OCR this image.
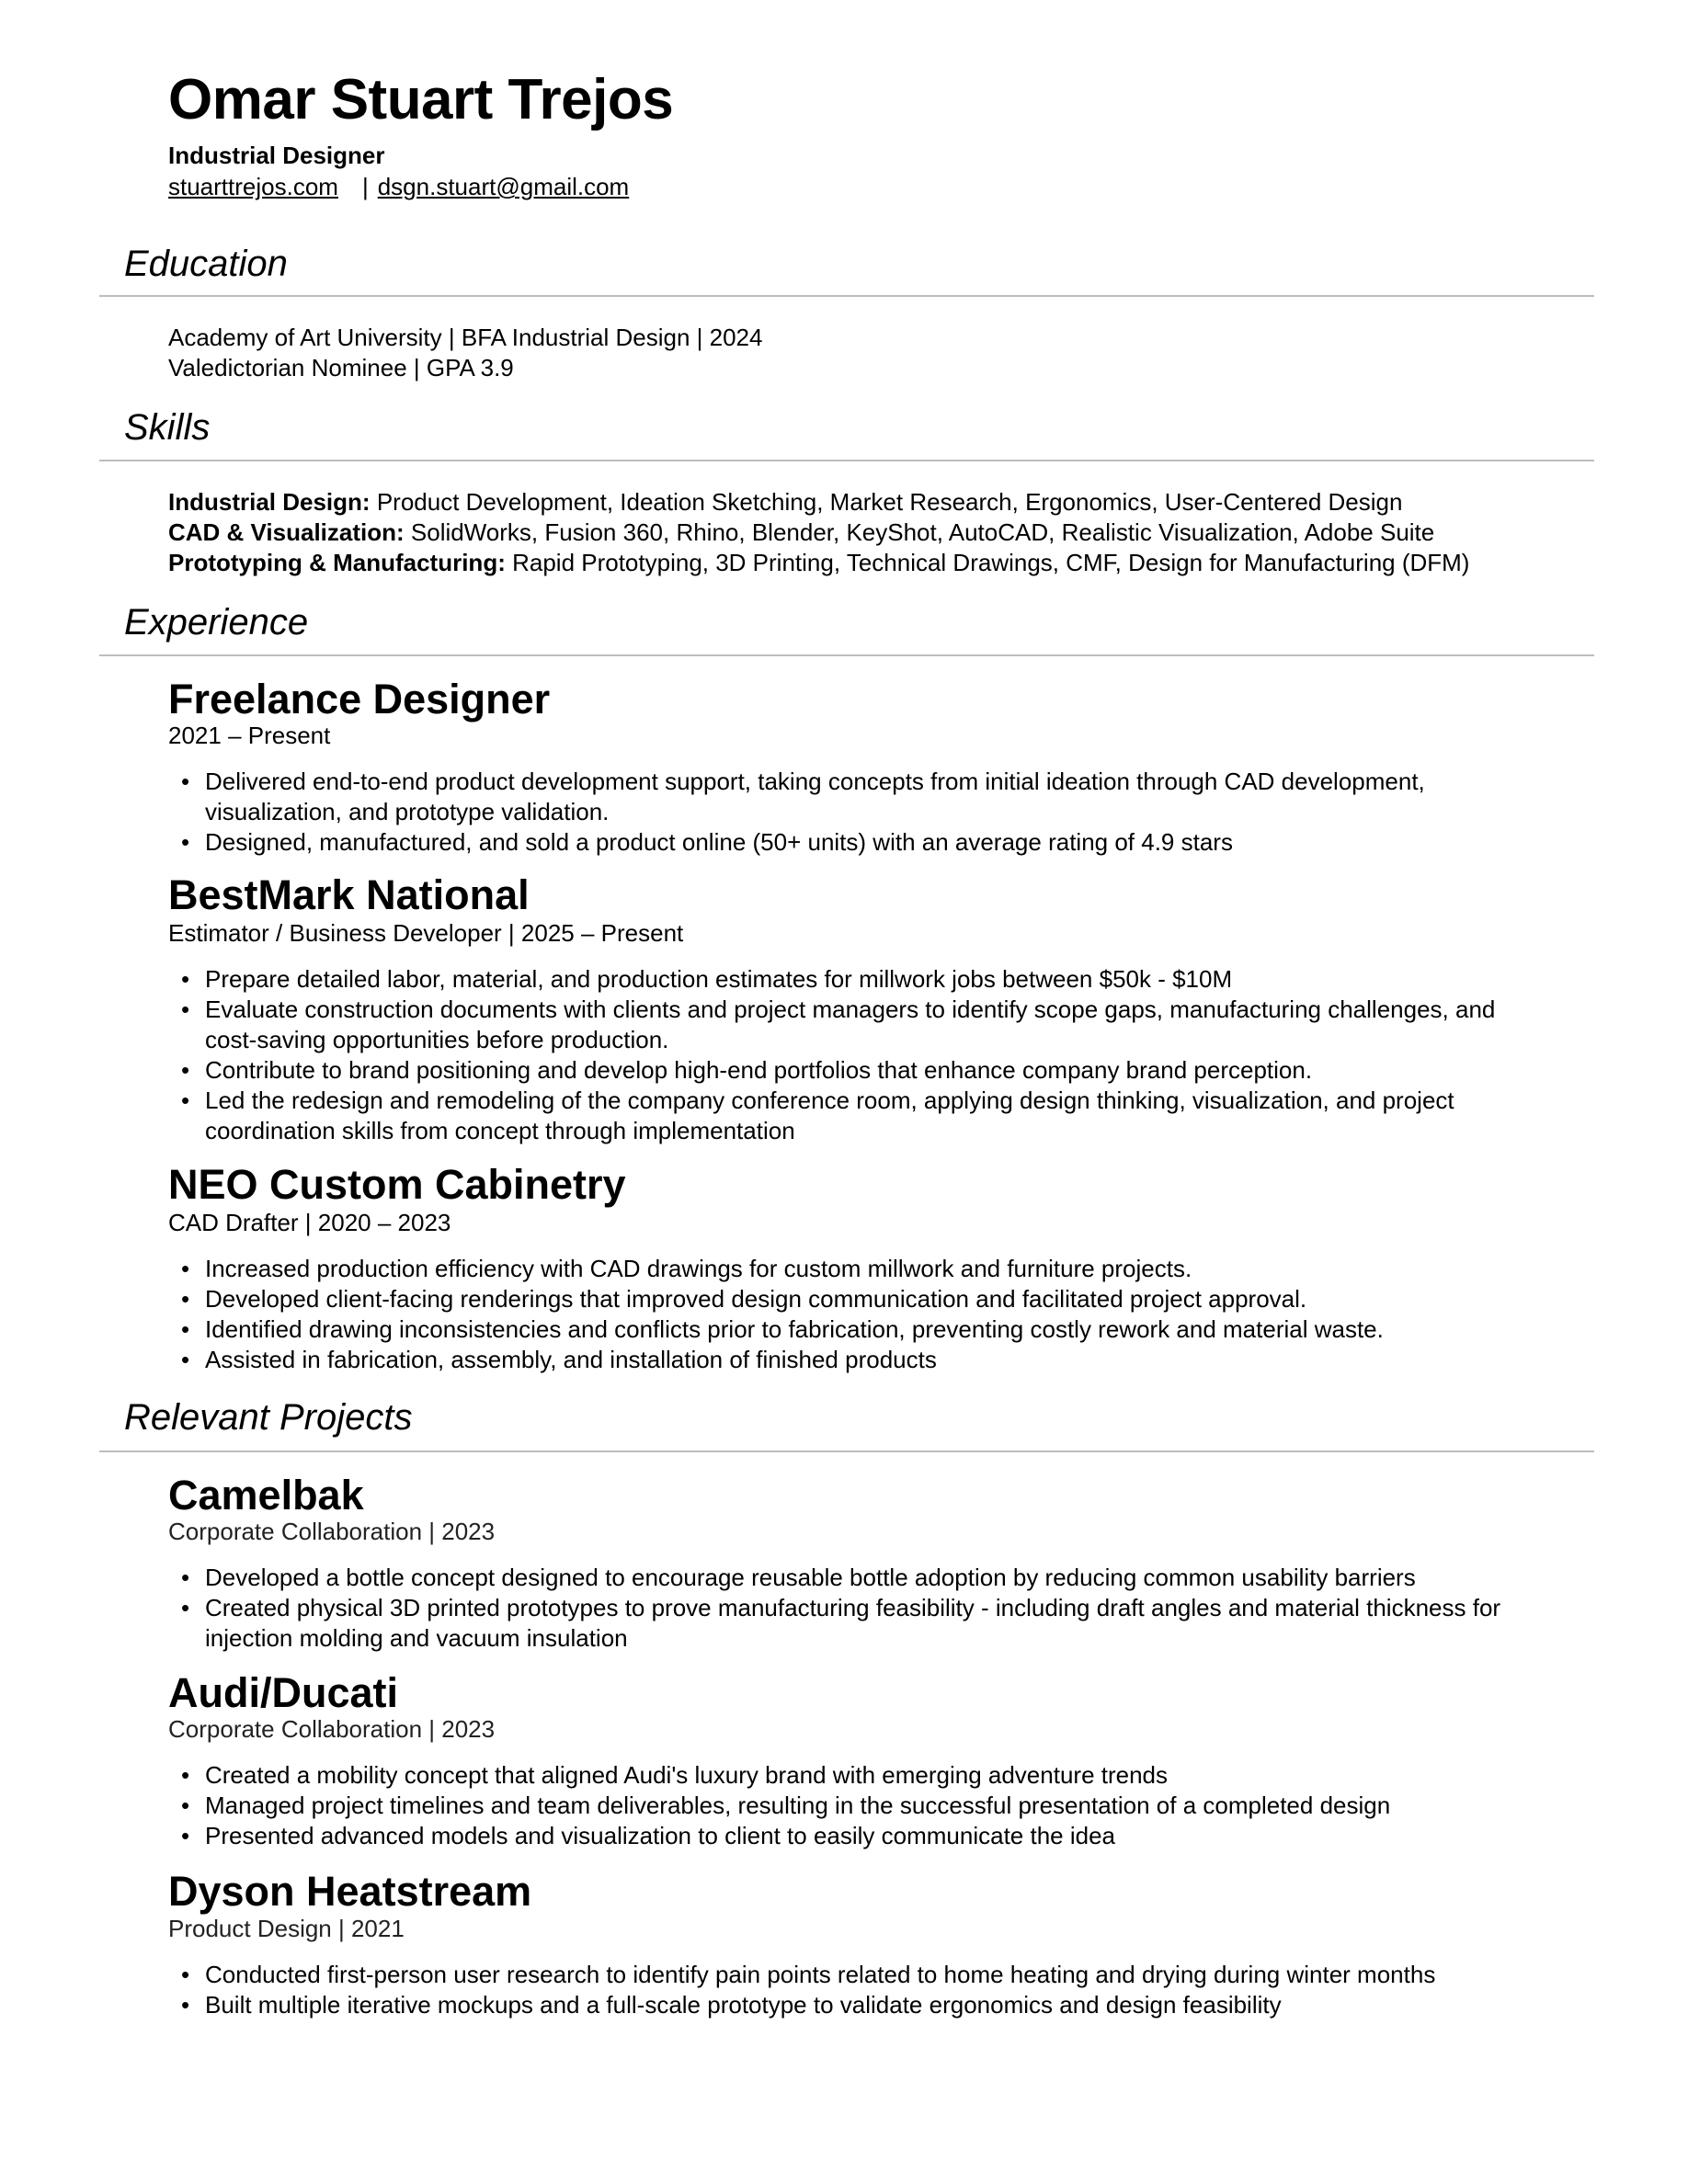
Omar Stuart Trejos
Industrial Designer
stuarttrejos.com | dsgn.stuart@gmail.com
Education
Academy of Art University | BFA Industrial Design | 2024
Valedictorian Nominee | GPA 3.9
Skills
Industrial Design: Product Development, Ideation Sketching, Market Research, Ergonomics, User-Centered Design
CAD & Visualization: SolidWorks, Fusion 360, Rhino, Blender, KeyShot, AutoCAD, Realistic Visualization, Adobe Suite
Prototyping & Manufacturing: Rapid Prototyping, 3D Printing, Technical Drawings, CMF, Design for Manufacturing (DFM)
Experience
Freelance Designer
2021 – Present
• Delivered end-to-end product development support, taking concepts from initial ideation through CAD development, visualization, and prototype validation.
• Designed, manufactured, and sold a product online (50+ units) with an average rating of 4.9 stars
BestMark National
Estimator / Business Developer | 2025 – Present
• Prepare detailed labor, material, and production estimates for millwork jobs between $50k - $10M
• Evaluate construction documents with clients and project managers to identify scope gaps, manufacturing challenges, and cost-saving opportunities before production.
• Contribute to brand positioning and develop high-end portfolios that enhance company brand perception.
• Led the redesign and remodeling of the company conference room, applying design thinking, visualization, and project coordination skills from concept through implementation
NEO Custom Cabinetry
CAD Drafter | 2020 – 2023
• Increased production efficiency with CAD drawings for custom millwork and furniture projects.
• Developed client-facing renderings that improved design communication and facilitated project approval.
• Identified drawing inconsistencies and conflicts prior to fabrication, preventing costly rework and material waste.
• Assisted in fabrication, assembly, and installation of finished products
Relevant Projects
Camelbak
Corporate Collaboration | 2023
• Developed a bottle concept designed to encourage reusable bottle adoption by reducing common usability barriers
• Created physical 3D printed prototypes to prove manufacturing feasibility - including draft angles and material thickness for injection molding and vacuum insulation
Audi/Ducati
Corporate Collaboration | 2023
• Created a mobility concept that aligned Audi's luxury brand with emerging adventure trends
• Managed project timelines and team deliverables, resulting in the successful presentation of a completed design
• Presented advanced models and visualization to client to easily communicate the idea
Dyson Heatstream
Product Design | 2021
• Conducted first-person user research to identify pain points related to home heating and drying during winter months
• Built multiple iterative mockups and a full-scale prototype to validate ergonomics and design feasibility
